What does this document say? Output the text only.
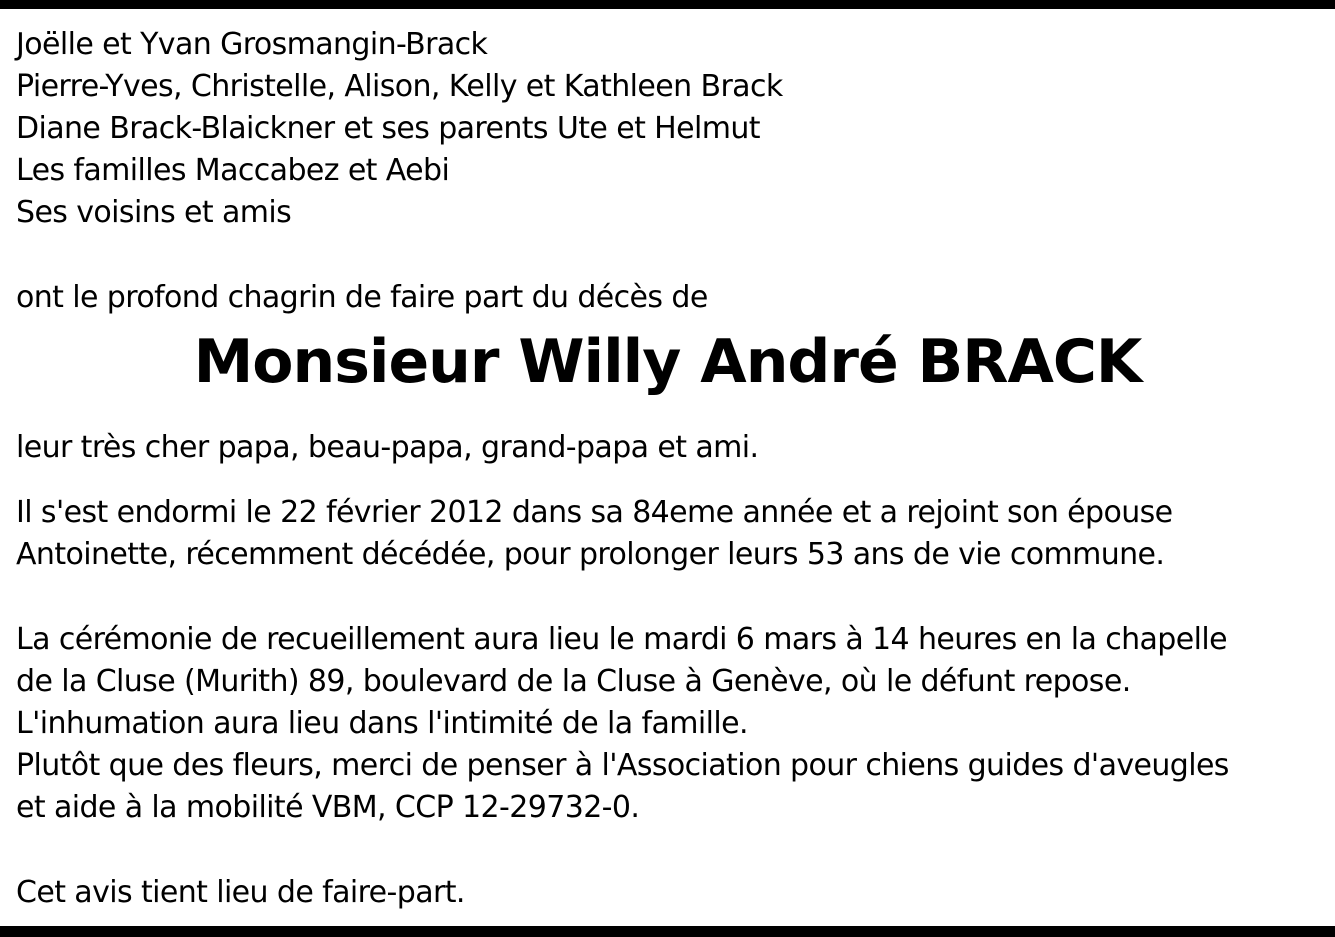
Joëlle et Yvan Grosmangin-Brack
Pierre-Yves, Christelle, Alison, Kelly et Kathleen Brack
Diane Brack-Blaickner et ses parents Ute et Helmut
Les familles Maccabez et Aebi
Ses voisins et amis
ont le profond chagrin de faire part du décès de
Monsieur Willy André BRACK
leur très cher papa, beau-papa, grand-papa et ami.
Il s'est endormi le 22 février 2012 dans sa 84eme année et a rejoint son épouse
Antoinette, récemment décédée, pour prolonger leurs 53 ans de vie commune.
La cérémonie de recueillement aura lieu le mardi 6 mars à 14 heures en la chapelle
de la Cluse (Murith) 89, boulevard de la Cluse à Genève, où le défunt repose.
L'inhumation aura lieu dans l'intimité de la famille.
Plutôt que des fleurs, merci de penser à l'Association pour chiens guides d'aveugles
et aide à la mobilité VBM, CCP 12-29732-0.
Cet avis tient lieu de faire-part.
